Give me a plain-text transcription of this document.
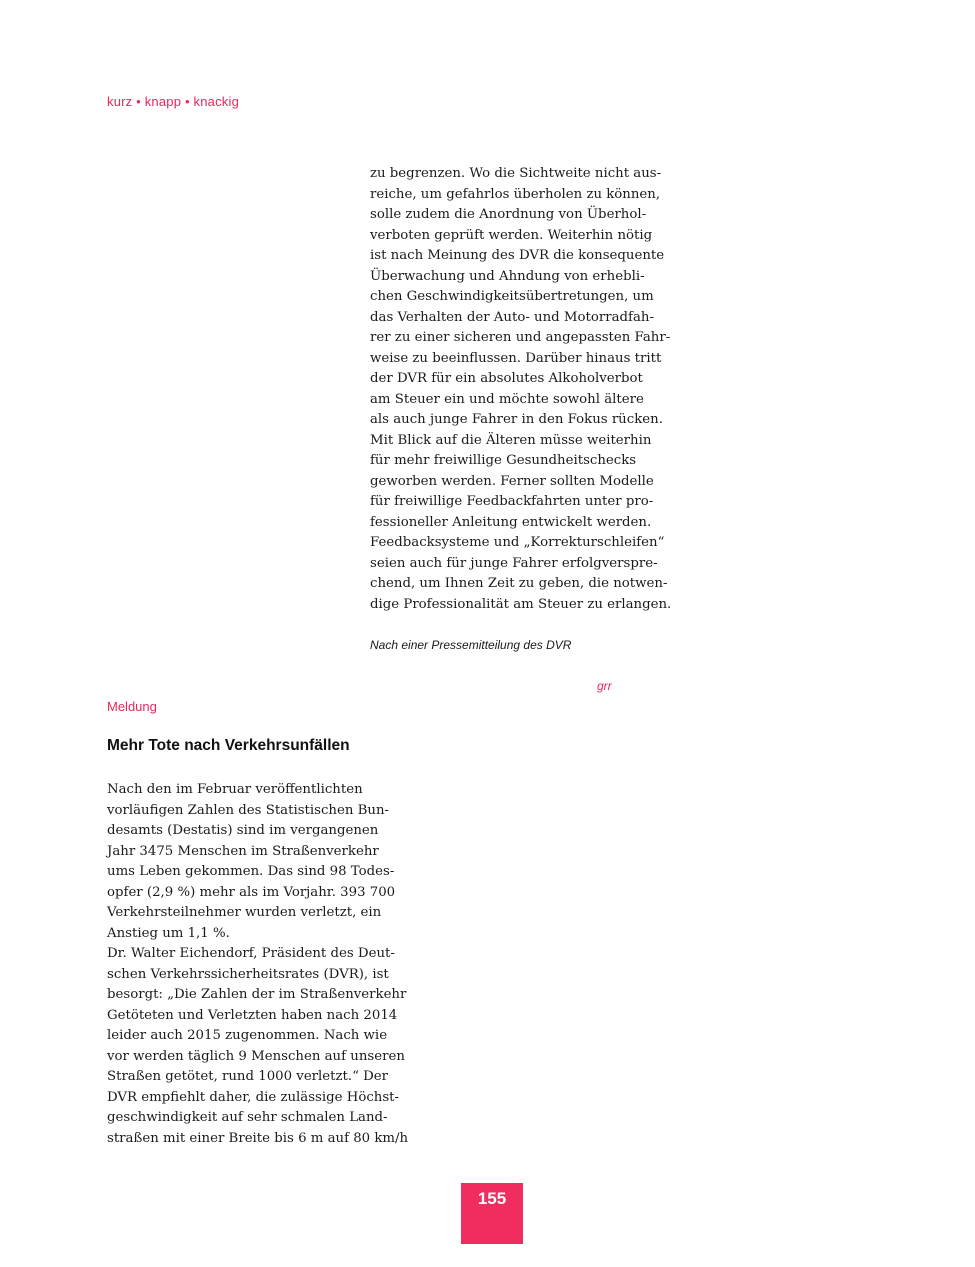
kurz • knapp • knackig
zu begrenzen. Wo die Sichtweite nicht aus-
reiche, um gefahrlos überholen zu können,
solle zudem die Anordnung von Überhol-
verboten geprüft werden. Weiterhin nötig
ist nach Meinung des DVR die konsequente
Überwachung und Ahndung von erhebli-
chen Geschwindigkeitsübertretungen, um
das Verhalten der Auto- und Motorradfah-
rer zu einer sicheren und angepassten Fahr-
weise zu beeinflussen. Darüber hinaus tritt
der DVR für ein absolutes Alkoholverbot
am Steuer ein und möchte sowohl ältere
als auch junge Fahrer in den Fokus rücken.
Mit Blick auf die Älteren müsse weiterhin
für mehr freiwillige Gesundheitschecks
geworben werden. Ferner sollten Modelle
für freiwillige Feedbackfahrten unter pro-
fessioneller Anleitung entwickelt werden.
Feedbacksysteme und „Korrekturschleifen“
seien auch für junge Fahrer erfolgverspre-
chend, um Ihnen Zeit zu geben, die notwen-
dige Professionalität am Steuer zu erlangen.
Nach einer Pressemitteilung des DVR
grr
Meldung
Mehr Tote nach Verkehrsunfällen
Nach den im Februar veröffentlichten
vorläufigen Zahlen des Statistischen Bun-
desamts (Destatis) sind im vergangenen
Jahr 3475 Menschen im Straßenverkehr
ums Leben gekommen. Das sind 98 Todes-
opfer (2,9 %) mehr als im Vorjahr. 393 700
Verkehrsteilnehmer wurden verletzt, ein
Anstieg um 1,1 %.
Dr. Walter Eichendorf, Präsident des Deut-
schen Verkehrssicherheitsrates (DVR), ist
besorgt: „Die Zahlen der im Straßenverkehr
Getöteten und Verletzten haben nach 2014
leider auch 2015 zugenommen. Nach wie
vor werden täglich 9 Menschen auf unseren
Straßen getötet, rund 1000 verletzt.“ Der
DVR empfiehlt daher, die zulässige Höchst-
geschwindigkeit auf sehr schmalen Land-
straßen mit einer Breite bis 6 m auf 80 km/h
155
